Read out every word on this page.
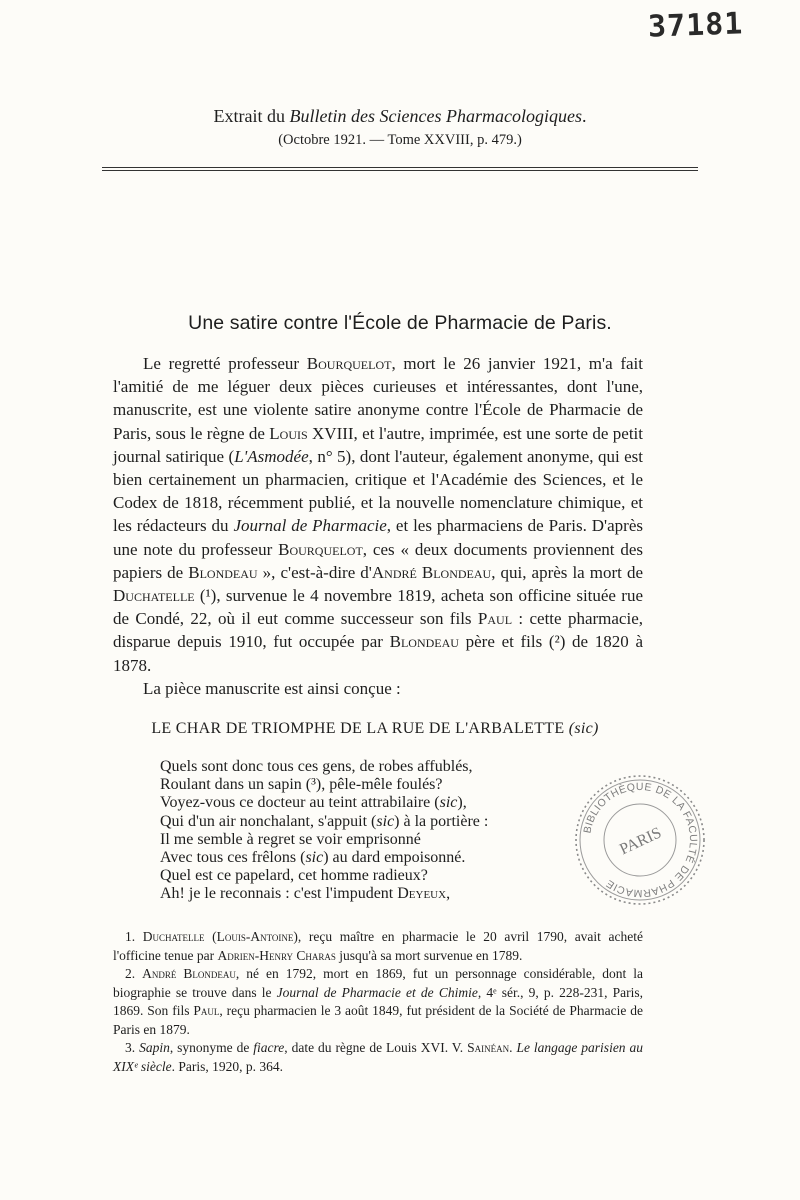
37181
Extrait du Bulletin des Sciences Pharmacologiques.
(Octobre 1921. — Tome XXVIII, p. 479.)
Une satire contre l'École de Pharmacie de Paris.

Le regretté professeur Bourquelot, mort le 26 janvier 1921, m'a fait l'amitié de me léguer deux pièces curieuses et intéressantes, dont l'une, manuscrite, est une violente satire anonyme contre l'École de Pharmacie de Paris, sous le règne de Louis XVIII, et l'autre, imprimée, est une sorte de petit journal satirique (L'Asmodée, n° 5), dont l'auteur, également anonyme, qui est bien certainement un pharmacien, critique et l'Académie des Sciences, et le Codex de 1818, récemment publié, et la nouvelle nomenclature chimique, et les rédacteurs du Journal de Pharmacie, et les pharmaciens de Paris. D'après une note du professeur Bourquelot, ces « deux documents proviennent des papiers de Blondeau », c'est-à-dire d'André Blondeau, qui, après la mort de Duchatelle (¹), survenue le 4 novembre 1819, acheta son officine située rue de Condé, 22, où il eut comme successeur son fils Paul : cette pharmacie, disparue depuis 1910, fut occupée par Blondeau père et fils (²) de 1820 à 1878.

La pièce manuscrite est ainsi conçue :

LE CHAR DE TRIOMPHE DE LA RUE DE L'ARBALETTE (sic)
Quels sont donc tous ces gens, de robes affublés,
Roulant dans un sapin (³), pêle-mêle foulés?
Voyez-vous ce docteur au teint attrabilaire (sic),
Qui d'un air nonchalant, s'appuit (sic) à la portière :
Il me semble à regret se voir emprisonné
Avec tous ces frêlons (sic) au dard empoisonné.
Quel est ce papelard, cet homme radieux?
Ah! je le reconnais : c'est l'impudent Deyeux,
BIBLIOTHÈQUE DE LA FACULTÉ DE PHARMACIE
PARIS

1. Duchatelle (Louis-Antoine), reçu maître en pharmacie le 20 avril 1790, avait acheté l'officine tenue par Adrien-Henry Charas jusqu'à sa mort survenue en 1789.

2. André Blondeau, né en 1792, mort en 1869, fut un personnage considérable, dont la biographie se trouve dans le Journal de Pharmacie et de Chimie, 4ᵉ sér., 9, p. 228-231, Paris, 1869. Son fils Paul, reçu pharmacien le 3 août 1849, fut président de la Société de Pharmacie de Paris en 1879.

3. Sapin, synonyme de fiacre, date du règne de Louis XVI. V. Sainéan. Le langage parisien au XIXᵉ siècle. Paris, 1920, p. 364.
